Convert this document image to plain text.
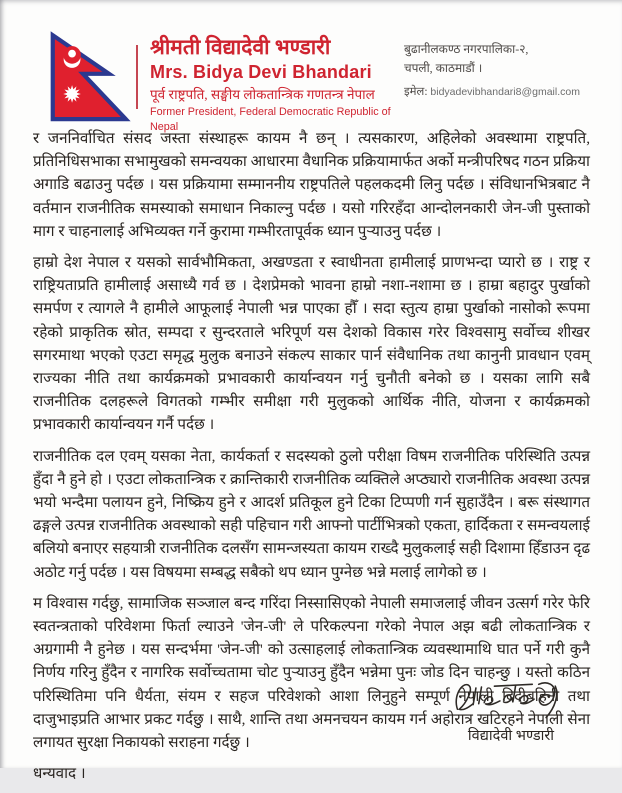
श्रीमती विद्यादेवी भण्डारी
Mrs. Bidya Devi Bhandari
पूर्व राष्ट्रपति, सङ्घीय लोकतान्त्रिक गणतन्त्र नेपाल
Former President, Federal Democratic Republic of Nepal
बुढानीलकण्ठ नगरपालिका-२,
चपली, काठमाडौं ।
इमेल: bidyadevibhandari8@gmail.com

र जननिर्वाचित संसद जस्ता संस्थाहरू कायम नै छन् । त्यसकारण, अहिलेको अवस्थामा राष्ट्रपति, प्रतिनिधिसभाका सभामुखको समन्वयका आधारमा वैधानिक प्रक्रियामार्फत अर्को मन्त्रीपरिषद गठन प्रक्रिया अगाडि बढाउनु पर्दछ । यस प्रक्रियामा सम्माननीय राष्ट्रपतिले पहलकदमी लिनु पर्दछ । संविधानभित्रबाट नै वर्तमान राजनीतिक समस्याको समाधान निकाल्नु पर्दछ । यसो गरिरहँदा आन्दोलनकारी जेन-जी पुस्ताको माग र चाहनालाई अभिव्यक्त गर्ने कुरामा गम्भीरतापूर्वक ध्यान पुऱ्याउनु पर्दछ ।

हाम्रो देश नेपाल र यसको सार्वभौमिकता, अखण्डता र स्वाधीनता हामीलाई प्राणभन्दा प्यारो छ । राष्ट्र र राष्ट्रियताप्रति हामीलाई असाध्यै गर्व छ । देशप्रेमको भावना हाम्रो नशा-नशामा छ । हाम्रा बहादुर पुर्खाको समर्पण र त्यागले नै हामीले आफूलाई नेपाली भन्न पाएका हौँ । सदा स्तुत्य हाम्रा पुर्खाको नासोको रूपमा रहेको प्राकृतिक स्रोत, सम्पदा र सुन्दरताले भरिपूर्ण यस देशको विकास गरेर विश्वसामु सर्वोच्च शीखर सगरमाथा भएको एउटा समृद्ध मुलुक बनाउने संकल्प साकार पार्न संवैधानिक तथा कानुनी प्रावधान एवम् राज्यका नीति तथा कार्यक्रमको प्रभावकारी कार्यान्वयन गर्नु चुनौती बनेको छ । यसका लागि सबै राजनीतिक दलहरूले विगतको गम्भीर समीक्षा गरी मुलुकको आर्थिक नीति, योजना र कार्यक्रमको प्रभावकारी कार्यान्वयन गर्नै पर्दछ ।

राजनीतिक दल एवम् यसका नेता, कार्यकर्ता र सदस्यको ठुलो परीक्षा विषम राजनीतिक परिस्थिति उत्पन्न हुँदा नै हुने हो । एउटा लोकतान्त्रिक र क्रान्तिकारी राजनीतिक व्यक्तिले अप्ठ्यारो राजनीतिक अवस्था उत्पन्न भयो भन्दैमा पलायन हुने, निष्क्रिय हुने र आदर्श प्रतिकूल हुने टिका टिप्पणी गर्न सुहाउँदैन । बरू संस्थागत ढङ्गले उत्पन्न राजनीतिक अवस्थाको सही पहिचान गरी आफ्नो पार्टीभित्रको एकता, हार्दिकता र समन्वयलाई बलियो बनाएर सहयात्री राजनीतिक दलसँग सामन्जस्यता कायम राख्दै मुलुकलाई सही दिशामा हिँडाउन दृढ अठोट गर्नु पर्दछ । यस विषयमा सम्बद्ध सबैको थप ध्यान पुग्नेछ भन्ने मलाई लागेको छ ।

म विश्वास गर्दछु, सामाजिक सञ्जाल बन्द गरिंदा निस्सासिएको नेपाली समाजलाई जीवन उत्सर्ग गरेर फेरि स्वतन्त्रताको परिवेशमा फिर्ता ल्याउने 'जेन-जी' ले परिकल्पना गरेको नेपाल अझ बढी लोकतान्त्रिक र अग्रगामी नै हुनेछ । यस सन्दर्भमा 'जेन-जी' को उत्साहलाई लोकतान्त्रिक व्यवस्थामाथि घात पर्ने गरी कुनै निर्णय गरिनु हुँदैन र नागरिक सर्वोच्चतामा चोट पुऱ्याउनु हुँदैन भन्नेमा पुनः जोड दिन चाहन्छु । यस्तो कठिन परिस्थितिमा पनि धैर्यता, संयम र सहज परिवेशको आशा लिनुहुने सम्पूर्ण नेपाली दिदीबहिनी तथा दाजुभाइप्रति आभार प्रकट गर्दछु । साथै, शान्ति तथा अमनचयन कायम गर्न अहोरात्र खटिरहने नेपाली सेना लगायत सुरक्षा निकायको सराहना गर्दछु ।

धन्यवाद ।

विद्यादेवी भण्डारी
